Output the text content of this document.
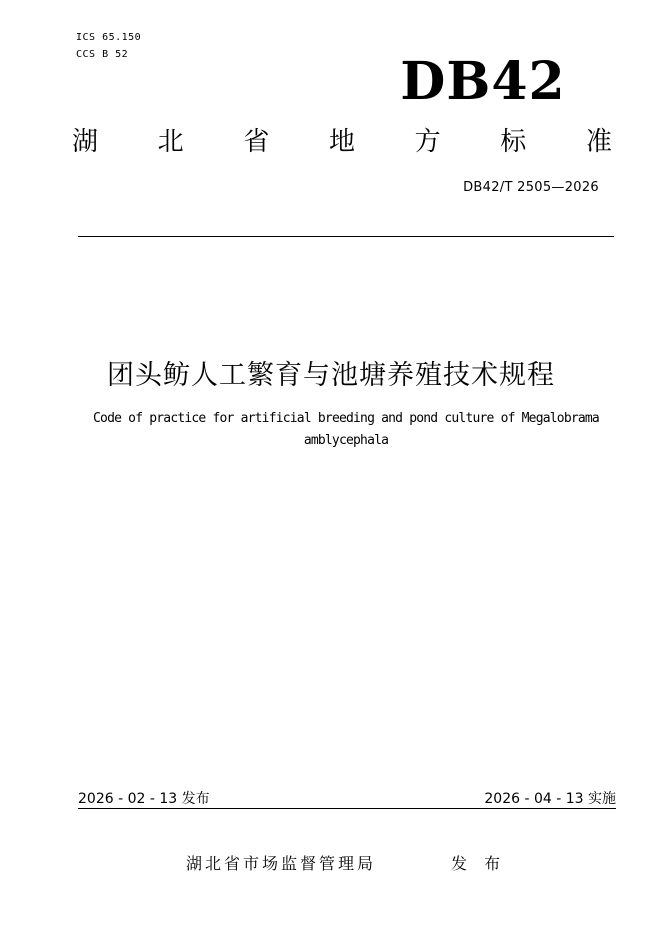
ICS 65.150
CCS B 52	DB42
湖 北 省 地 方 标 准
DB42/T 2505—2026
团头鲂人工繁育与池塘养殖技术规程
Code of practice for artificial breeding and pond culture of Megalobrama amblycephala
2026 - 02 - 13 发布	2026 - 04 - 13 实施
湖北省市场监督管理局	发 布
